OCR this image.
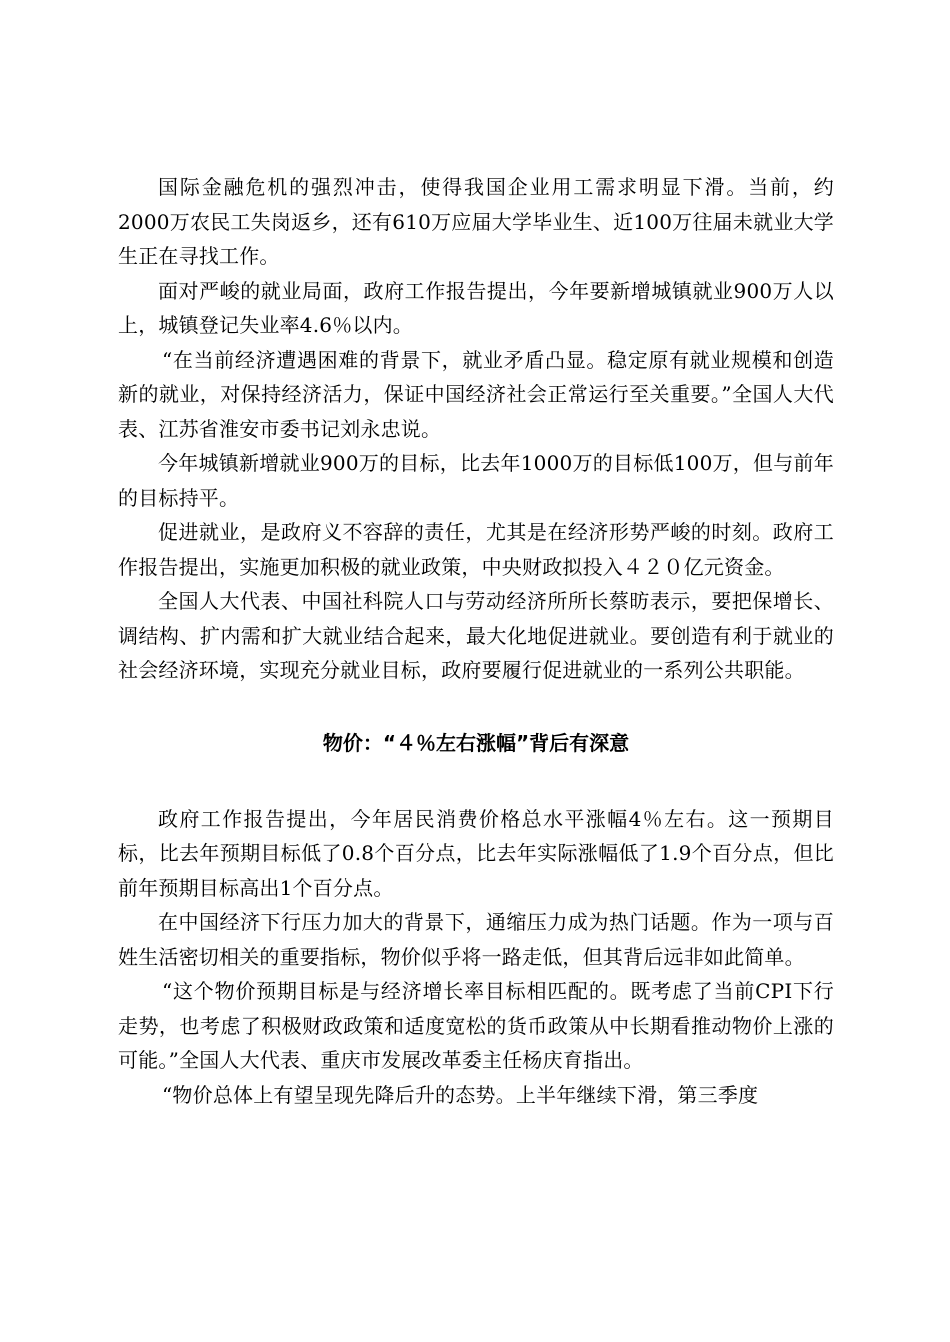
国际金融危机的强烈冲击，使得我国企业用工需求明显下滑。当前，约2000万农民工失岗返乡，还有610万应届大学毕业生、近100万往届未就业大学生正在寻找工作。

面对严峻的就业局面，政府工作报告提出，今年要新增城镇就业900万人以上，城镇登记失业率4.6％以内。

“在当前经济遭遇困难的背景下，就业矛盾凸显。稳定原有就业规模和创造新的就业，对保持经济活力，保证中国经济社会正常运行至关重要。”全国人大代表、江苏省淮安市委书记刘永忠说。

今年城镇新增就业900万的目标，比去年1000万的目标低100万，但与前年的目标持平。

促进就业，是政府义不容辞的责任，尤其是在经济形势严峻的时刻。政府工作报告提出，实施更加积极的就业政策，中央财政拟投入４２０亿元资金。

全国人大代表、中国社科院人口与劳动经济所所长蔡昉表示，要把保增长、调结构、扩内需和扩大就业结合起来，最大化地促进就业。要创造有利于就业的社会经济环境，实现充分就业目标，政府要履行促进就业的一系列公共职能。

物价：“４％左右涨幅”背后有深意

政府工作报告提出，今年居民消费价格总水平涨幅4％左右。这一预期目标，比去年预期目标低了0.8个百分点，比去年实际涨幅低了1.9个百分点，但比前年预期目标高出1个百分点。

在中国经济下行压力加大的背景下，通缩压力成为热门话题。作为一项与百姓生活密切相关的重要指标，物价似乎将一路走低，但其背后远非如此简单。

“这个物价预期目标是与经济增长率目标相匹配的。既考虑了当前CPI下行走势，也考虑了积极财政政策和适度宽松的货币政策从中长期看推动物价上涨的可能。”全国人大代表、重庆市发展改革委主任杨庆育指出。

“物价总体上有望呈现先降后升的态势。上半年继续下滑，第三季度
